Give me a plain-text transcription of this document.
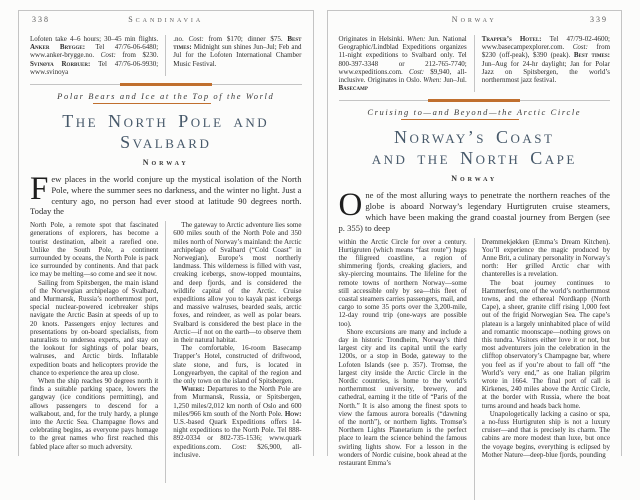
338	Scandinavia
Lofoten take 4–6 hours; 30–45 min flights. Anker Brygge: Tel 47/76-06-6480; www.anker-brygge.no. Cost: from $230. Svinøya Rorbuer: Tel 47/76-06-9930; www.svinoya
.no. Cost: from $170; dinner $75. Best times: Midnight sun shines Jun–Jul; Feb and Jul for the Lofoten International Chamber Music Festival.
Polar Bears and Ice at the Top of the World
The North Pole and
Svalbard
Norway
Few places in the world conjure up the mystical isolation of the North Pole, where the summer sees no darkness, and the winter no light. Just a century ago, no person had ever stood at latitude 90 degrees north. Today the

North Pole, a remote spot that fascinated generations of explorers, has become a tourist destination, albeit a rarefied one. Unlike the South Pole, a continent surrounded by oceans, the North Pole is pack ice surrounded by continents. And that pack ice may be melting—so come and see it now.

Sailing from Spitsbergen, the main island of the Norwegian archipelago of Svalbard, and Murmansk, Russia’s northernmost port, special nuclear-powered icebreaker ships navigate the Arctic Basin at speeds of up to 20 knots. Passengers enjoy lectures and presentations by on-board specialists, from naturalists to undersea experts, and stay on the lookout for sightings of polar bears, walruses, and Arctic birds. Inflatable expedition boats and helicopters provide the chance to experience the area up close.

When the ship reaches 90 degrees north it finds a suitable parking space, lowers the gangway (ice conditions permitting), and allows passengers to descend for a walkabout, and, for the truly hardy, a plunge into the Arctic Sea. Champagne flows and celebrating begins, as everyone pays homage to the great names who first reached this fabled place after so much adversity.

The gateway to Arctic adventure lies some 600 miles south of the North Pole and 350 miles north of Norway’s mainland: the Arctic archipelago of Svalbard (“Cold Coast” in Norwegian), Europe’s most northerly landmass. This wilderness is filled with vast, creaking icebergs, snow-topped mountains, and deep fjords, and is considered the wildlife capital of the Arctic. Cruise expeditions allow you to kayak past icebergs and massive walruses, bearded seals, arctic foxes, and reindeer, as well as polar bears. Svalbard is considered the best place in the Arctic—if not on the earth—to observe them in their natural habitat.

The comfortable, 16-room Basecamp Trapper’s Hotel, constructed of driftwood, slate stone, and furs, is located in Longyearbyen, the capital of the region and the only town on the island of Spitsbergen.

Where: Departures to the North Pole are from Murmansk, Russia, or Spitsbergen, 1,250 miles/2,012 km north of Oslo and 600 miles/966 km south of the North Pole. How: U.S.-based Quark Expeditions offers 14-night expeditions to the North Pole. Tel 888-892-0334 or 802-735-1536; www.quark expeditions.com. Cost: $26,900, all-inclusive.

Norway	339
Originates in Helsinki. When: Jun. National Geographic/Lindblad Expeditions organizes 11-night expeditions to Svalbard only. Tel 800-397-3348 or 212-765-7740; www.expeditions.com. Cost: $9,940, all-inclusive. Originates in Oslo. When: Jun–Jul. Basecamp
Trapper’s Hotel: Tel 47/79-02-4600; www.basecampexplorer.com. Cost: from $230 (off-peak), $390 (peak). Best times: Jun–Aug for 24-hr daylight; Jan for Polar Jazz on Spitsbergen, the world’s northernmost jazz festival.
Cruising to—and Beyond—the Arctic Circle
Norway’s Coast
and the North Cape
Norway
One of the most alluring ways to penetrate the northern reaches of the globe is aboard Norway’s legendary Hurtigruten cruise steamers, which have been making the grand coastal journey from Bergen (see p. 355) to deep

within the Arctic Circle for over a century. Hurtigruten (which means “fast route”) hugs the filigreed coastline, a region of shimmering fjords, creaking glaciers, and sky-piercing mountains. The lifeline for the remote towns of northern Norway—some still accessible only by sea—this fleet of coastal steamers carries passengers, mail, and cargo to some 35 ports over the 3,200-mile, 12-day round trip (one-ways are possible too).

Shore excursions are many and include a day in historic Trondheim, Norway’s third largest city and its capital until the early 1200s, or a stop in Bodø, gateway to the Lofoten Islands (see p. 357). Tromsø, the largest city inside the Arctic Circle in the Nordic countries, is home to the world’s northernmost university, brewery, and cathedral, earning it the title of “Paris of the North.” It is also among the finest spots to view the famous aurora borealis (“dawning of the north”), or northern lights. Tromsø’s Northern Lights Planetarium is the perfect place to learn the science behind the famous swirling lights show. For a lesson in the wonders of Nordic cuisine, book ahead at the restaurant Emma’s

Drømmekjøkken (Emma’s Dream Kitchen). You’ll experience the magic produced by Anne Brit, a culinary personality in Norway’s north: Her grilled Arctic char with chanterelles is a revelation.

The boat journey continues to Hammerfest, one of the world’s northernmost towns, and the ethereal Nordkapp (North Cape), a sheer, granite cliff rising 1,000 feet out of the frigid Norwegian Sea. The cape’s plateau is a largely uninhabited place of wild and romantic moonscape—nothing grows on this tundra. Visitors either love it or not, but most adventurers join the celebration in the clifftop observatory’s Champagne bar, where you feel as if you’re about to fall off “the World’s very end,” as one Italian pilgrim wrote in 1664. The final port of call is Kirkenes, 240 miles above the Arctic Circle, at the border with Russia, where the boat turns around and heads back home.

Unapologetically lacking a casino or spa, a no-fuss Hurtigruten ship is not a luxury cruiser—and that is precisely its charm. The cabins are more modest than luxe, but once the voyage begins, everything is eclipsed by Mother Nature—deep-blue fjords, pounding
